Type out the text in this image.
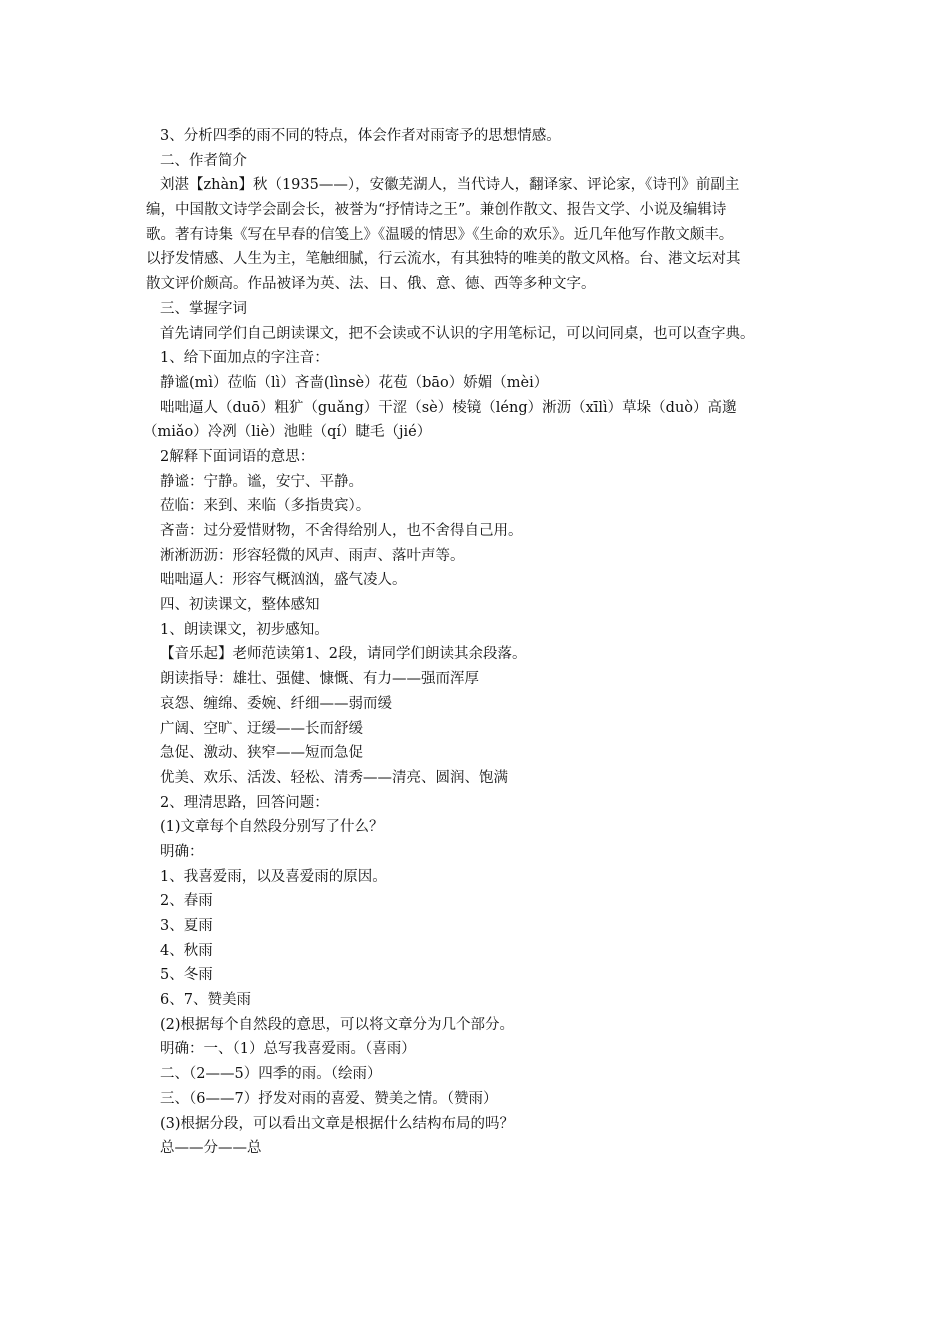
3、分析四季的雨不同的特点，体会作者对雨寄予的思想情感。
二、作者简介
刘湛【zhàn】秋（1935——），安徽芜湖人，当代诗人，翻译家、评论家，《诗刊》前副主
编，中国散文诗学会副会长，被誉为“抒情诗之王”。兼创作散文、报告文学、小说及编辑诗
歌。著有诗集《写在早春的信笺上》《温暖的情思》《生命的欢乐》。近几年他写作散文颇丰。
以抒发情感、人生为主，笔触细腻，行云流水，有其独特的唯美的散文风格。台、港文坛对其
散文评价颇高。作品被译为英、法、日、俄、意、德、西等多种文字。
三、掌握字词
首先请同学们自己朗读课文，把不会读或不认识的字用笔标记，可以问同桌，也可以查字典。
1、给下面加点的字注音：
静谧(mì）莅临（lì）吝啬(lìnsè）花苞（bāo）娇媚（mèi）
咄咄逼人（duō）粗犷（guǎng）干涩（sè）棱镜（léng）淅沥（xīlì）草垛（duò）高邈
（miǎo）冷冽（liè）池畦（qí）睫毛（jié）
2解释下面词语的意思：
静谧：宁静。谧，安宁、平静。
莅临：来到、来临（多指贵宾）。
吝啬：过分爱惜财物，不舍得给别人，也不舍得自己用。
淅淅沥沥：形容轻微的风声、雨声、落叶声等。
咄咄逼人：形容气概汹汹，盛气凌人。
四、初读课文，整体感知
1、朗读课文，初步感知。
【音乐起】老师范读第1、2段，请同学们朗读其余段落。
朗读指导：雄壮、强健、慷慨、有力——强而浑厚
哀怨、缠绵、委婉、纤细——弱而缓
广阔、空旷、迂缓——长而舒缓
急促、激动、狭窄——短而急促
优美、欢乐、活泼、轻松、清秀——清亮、圆润、饱满
2、理清思路，回答问题：
(1)文章每个自然段分别写了什么？
明确：
1、我喜爱雨，以及喜爱雨的原因。
2、春雨
3、夏雨
4、秋雨
5、冬雨
6、7、赞美雨
(2)根据每个自然段的意思，可以将文章分为几个部分。
明确：一、（1）总写我喜爱雨。（喜雨）
二、（2——5）四季的雨。（绘雨）
三、（6——7）抒发对雨的喜爱、赞美之情。（赞雨）
(3)根据分段，可以看出文章是根据什么结构布局的吗？
总——分——总
